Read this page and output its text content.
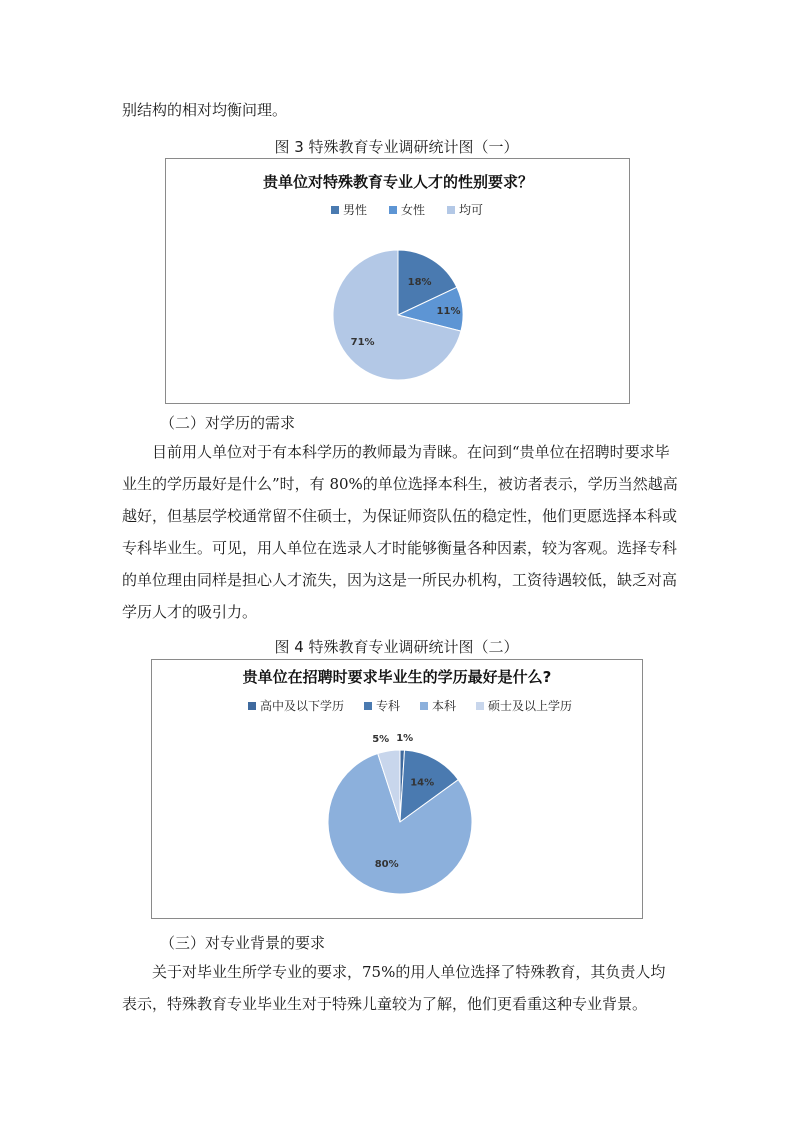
别结构的相对均衡问理。

图 3 特殊教育专业调研统计图（一）

贵单位对特殊教育专业人才的性别要求？
男性	女性	均可
18%
11%
71%

（二）对学历的需求

目前用人单位对于有本科学历的教师最为青睐。在问到“贵单位在招聘时要求毕业生的学历最好是什么”时，有 80%的单位选择本科生，被访者表示，学历当然越高越好，但基层学校通常留不住硕士，为保证师资队伍的稳定性，他们更愿选择本科或专科毕业生。可见，用人单位在选录人才时能够衡量各种因素，较为客观。选择专科的单位理由同样是担心人才流失，因为这是一所民办机构，工资待遇较低，缺乏对高学历人才的吸引力。

图 4 特殊教育专业调研统计图（二）

贵单位在招聘时要求毕业生的学历最好是什么?
高中及以下学历	专科	本科	硕士及以上学历
1%
14%
80%
5%

（三）对专业背景的要求

关于对毕业生所学专业的要求，75%的用人单位选择了特殊教育，其负责人均表示，特殊教育专业毕业生对于特殊儿童较为了解，他们更看重这种专业背景。
